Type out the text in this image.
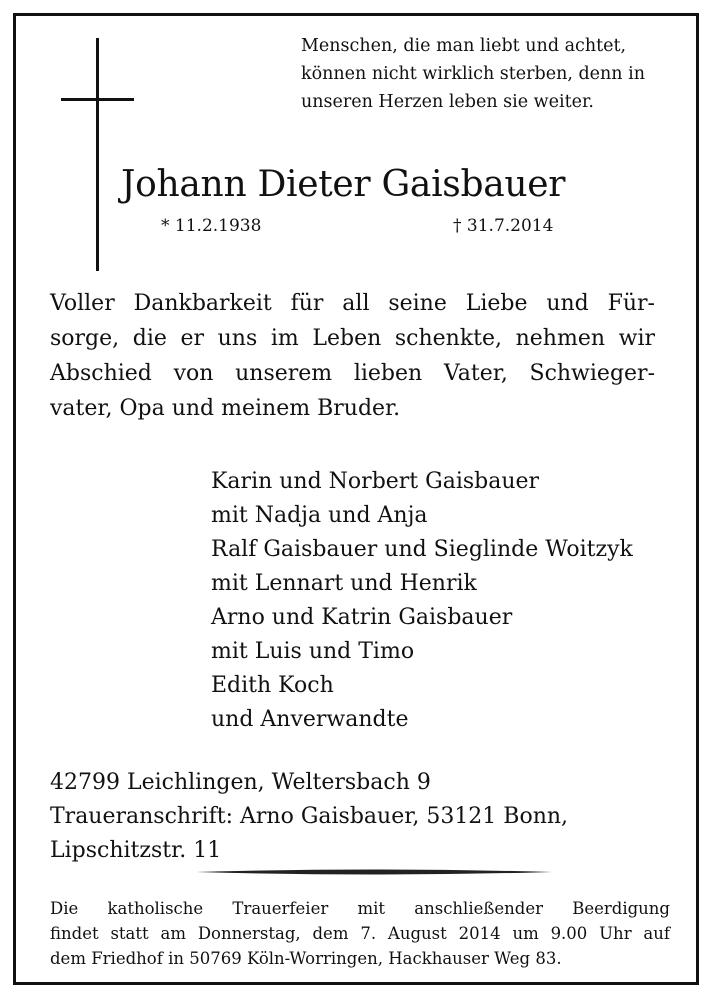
Menschen, die man liebt und achtet,
können nicht wirklich sterben, denn in
unseren Herzen leben sie weiter.
Johann Dieter Gaisbauer
* 11.2.1938	† 31.7.2014
Voller Dankbarkeit für all seine Liebe und Für-
sorge, die er uns im Leben schenkte, nehmen wir
Abschied von unserem lieben Vater, Schwieger-
vater, Opa und meinem Bruder.
Karin und Norbert Gaisbauer
mit Nadja und Anja
Ralf Gaisbauer und Sieglinde Woitzyk
mit Lennart und Henrik
Arno und Katrin Gaisbauer
mit Luis und Timo
Edith Koch
und Anverwandte
42799 Leichlingen, Weltersbach 9
Traueranschrift: Arno Gaisbauer, 53121 Bonn,
Lipschitzstr. 11
Die katholische Trauerfeier mit anschließender Beerdigung
findet statt am Donnerstag, dem 7. August 2014 um 9.00 Uhr auf
dem Friedhof in 50769 Köln-Worringen, Hackhauser Weg 83.
